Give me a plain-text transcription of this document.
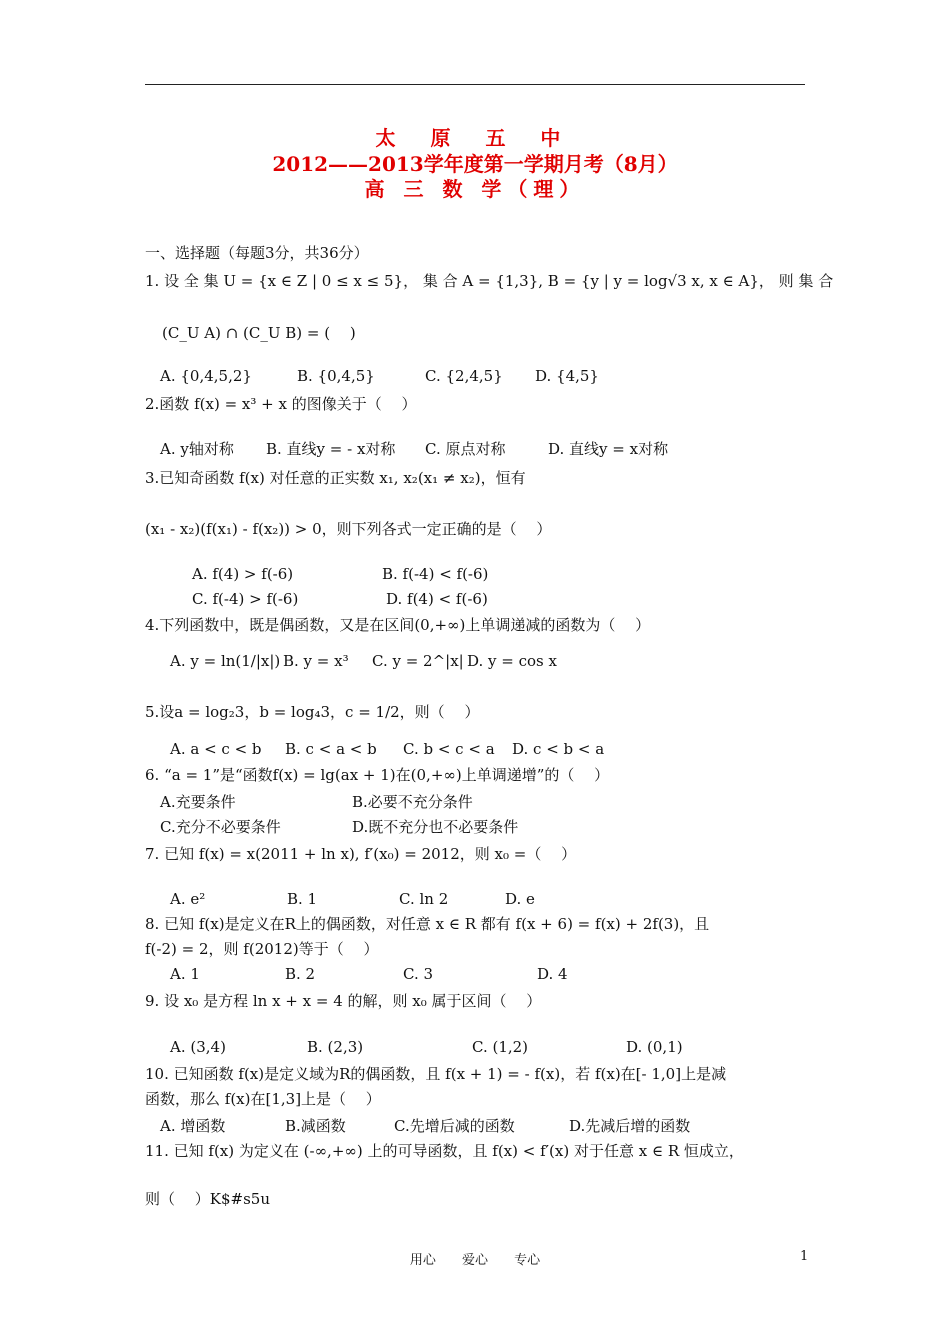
太 原 五 中
2012——2013学年度第一学期月考（8月）
高 三 数 学（理）
一、选择题（每题3分，共36分）
1. 设 全 集 U = {x ∈ Z | 0 ≤ x ≤ 5}， 集 合 A = {1,3}, B = {y | y = log√3 x, x ∈ A}， 则 集 合
(C_U A) ∩ (C_U B) = (　 )
A. {0,4,5,2}	B. {0,4,5}	C. {2,4,5} D. {4,5}
2.函数 f(x) = x³ + x 的图像关于（　 ）
A. y轴对称 B. 直线y = - x对称 C. 原点对称	D. 直线y = x对称
3.已知奇函数 f(x) 对任意的正实数 x₁, x₂(x₁ ≠ x₂)，恒有
(x₁ - x₂)(f(x₁) - f(x₂)) > 0，则下列各式一定正确的是（　 ）
A. f(4) > f(-6)	B. f(-4) < f(-6)
C. f(-4) > f(-6)	D. f(4) < f(-6)
4.下列函数中，既是偶函数，又是在区间(0,+∞)上单调递减的函数为（　 ）
A. y = ln(1/|x|) B. y = x³ C. y = 2^|x| D. y = cos x
5.设a = log₂3，b = log₄3，c = 1/2，则（　 ）
A. a < c < b B. c < a < b C. b < c < a D. c < b < a
6. “a = 1”是“函数f(x) = lg(ax + 1)在(0,+∞)上单调递增”的（　 ）
A.充要条件	B.必要不充分条件
C.充分不必要条件	D.既不充分也不必要条件
7. 已知 f(x) = x(2011 + ln x), f′(x₀) = 2012，则 x₀ =（　 ）
A. e²	B. 1	C. ln 2	D. e
8. 已知 f(x)是定义在R上的偶函数，对任意 x ∈ R 都有 f(x + 6) = f(x) + 2f(3)，且
f(-2) = 2，则 f(2012)等于（　 ）
A. 1	B. 2	C. 3	D. 4
9. 设 x₀ 是方程 ln x + x = 4 的解，则 x₀ 属于区间（　 ）
A. (3,4)	B. (2,3)	C. (1,2)	D. (0,1)
10. 已知函数 f(x)是定义域为R的偶函数，且 f(x + 1) = - f(x)，若 f(x)在[- 1,0]上是减
函数，那么 f(x)在[1,3]上是（　 ）
A. 增函数	B.减函数	C.先增后减的函数	D.先减后增的函数
11. 已知 f(x) 为定义在 (-∞,+∞) 上的可导函数，且 f(x) < f′(x) 对于任意 x ∈ R 恒成立，
则（　 ）K$#s5u
用心 爱心 专心	1
